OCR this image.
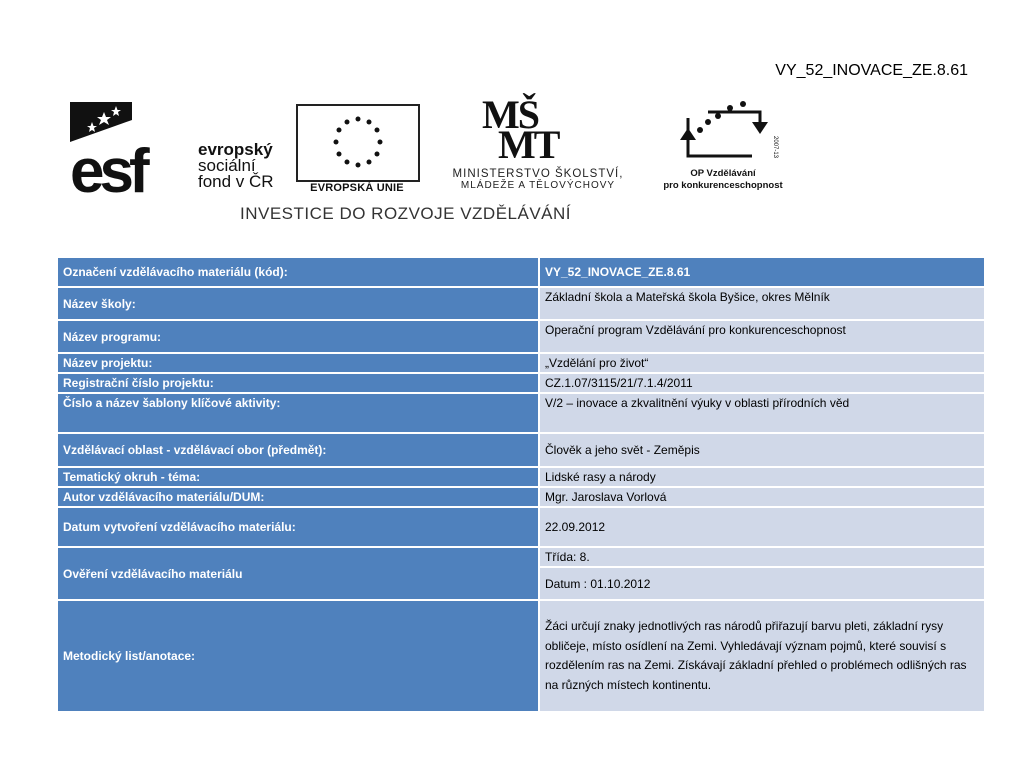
VY_52_INOVACE_ZE.8.61
esf	evropský
sociální
fond v ČR	EVROPSKÁ UNIE
MŠ
MT
MINISTERSTVO ŠKOLSTVÍ,
MLÁDEŽE A TĚLOVÝCHOVY
2007-13
OP Vzdělávání
pro konkurenceschopnost
INVESTICE DO ROZVOJE VZDĚLÁVÁNÍ
Označení vzdělávacího materiálu (kód):	VY_52_INOVACE_ZE.8.61
Název školy:	Základní škola a Mateřská škola Byšice, okres Mělník
Název programu:	Operační program Vzdělávání pro konkurenceschopnost
Název projektu:	„Vzdělání pro život“
Registrační číslo projektu:	CZ.1.07/3115/21/7.1.4/2011
Číslo a název šablony klíčové aktivity:	V/2 – inovace a zkvalitnění výuky v oblasti přírodních věd
Vzdělávací oblast - vzdělávací obor (předmět):	Člověk a jeho svět - Zeměpis
Tematický okruh - téma:	Lidské rasy a národy
Autor vzdělávacího materiálu/DUM:	Mgr. Jaroslava Vorlová
Datum vytvoření vzdělávacího materiálu:	22.09.2012
Ověření vzdělávacího materiálu	Třída: 8.
	Datum : 01.10.2012
Metodický list/anotace:	Žáci určují znaky jednotlivých ras národů přiřazují barvu pleti, základní rysy obličeje, místo osídlení na Zemi. Vyhledávají význam pojmů, které souvisí s rozdělením ras na Zemi. Získávají základní přehled o problémech odlišných ras na různých místech kontinentu.
